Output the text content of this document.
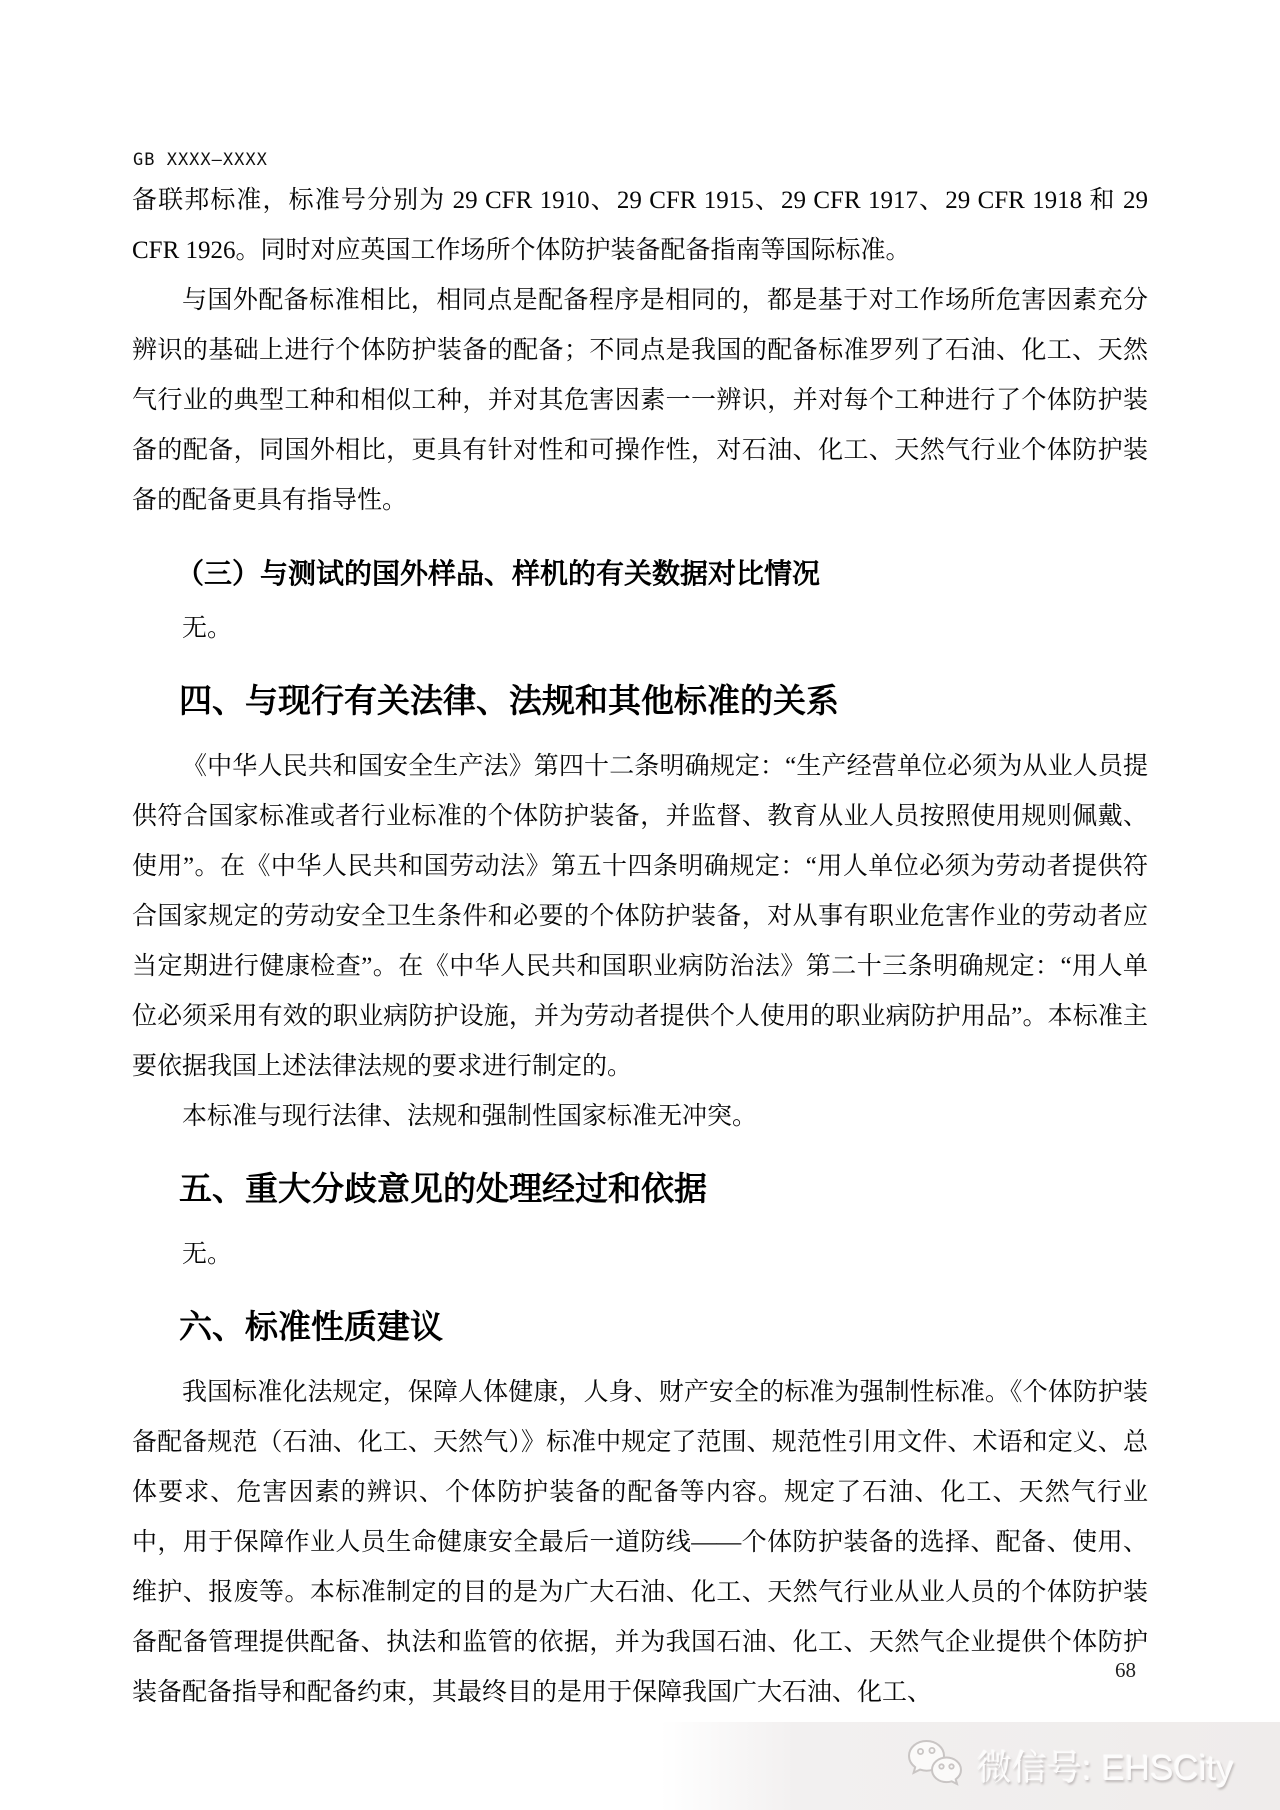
GB XXXX—XXXX

备联邦标准，标准号分别为 29 CFR 1910、29 CFR 1915、29 CFR 1917、29 CFR 1918 和 29 CFR 1926。同时对应英国工作场所个体防护装备配备指南等国际标准。

与国外配备标准相比，相同点是配备程序是相同的，都是基于对工作场所危害因素充分辨识的基础上进行个体防护装备的配备；不同点是我国的配备标准罗列了石油、化工、天然气行业的典型工种和相似工种，并对其危害因素一一辨识，并对每个工种进行了个体防护装备的配备，同国外相比，更具有针对性和可操作性，对石油、化工、天然气行业个体防护装备的配备更具有指导性。

（三）与测试的国外样品、样机的有关数据对比情况

无。

四、与现行有关法律、法规和其他标准的关系

《中华人民共和国安全生产法》第四十二条明确规定：“生产经营单位必须为从业人员提供符合国家标准或者行业标准的个体防护装备，并监督、教育从业人员按照使用规则佩戴、使用”。在《中华人民共和国劳动法》第五十四条明确规定：“用人单位必须为劳动者提供符合国家规定的劳动安全卫生条件和必要的个体防护装备，对从事有职业危害作业的劳动者应当定期进行健康检查”。在《中华人民共和国职业病防治法》第二十三条明确规定：“用人单位必须采用有效的职业病防护设施，并为劳动者提供个人使用的职业病防护用品”。本标准主要依据我国上述法律法规的要求进行制定的。

本标准与现行法律、法规和强制性国家标准无冲突。

五、重大分歧意见的处理经过和依据

无。

六、标准性质建议

我国标准化法规定，保障人体健康，人身、财产安全的标准为强制性标准。《个体防护装备配备规范（石油、化工、天然气）》标准中规定了范围、规范性引用文件、术语和定义、总体要求、危害因素的辨识、个体防护装备的配备等内容。规定了石油、化工、天然气行业中，用于保障作业人员生命健康安全最后一道防线——个体防护装备的选择、配备、使用、维护、报废等。本标准制定的目的是为广大石油、化工、天然气行业从业人员的个体防护装备配备管理提供配备、执法和监管的依据，并为我国石油、化工、天然气企业提供个体防护装备配备指导和配备约束，其最终目的是用于保障我国广大石油、化工、

68
微信号: EHSCity
